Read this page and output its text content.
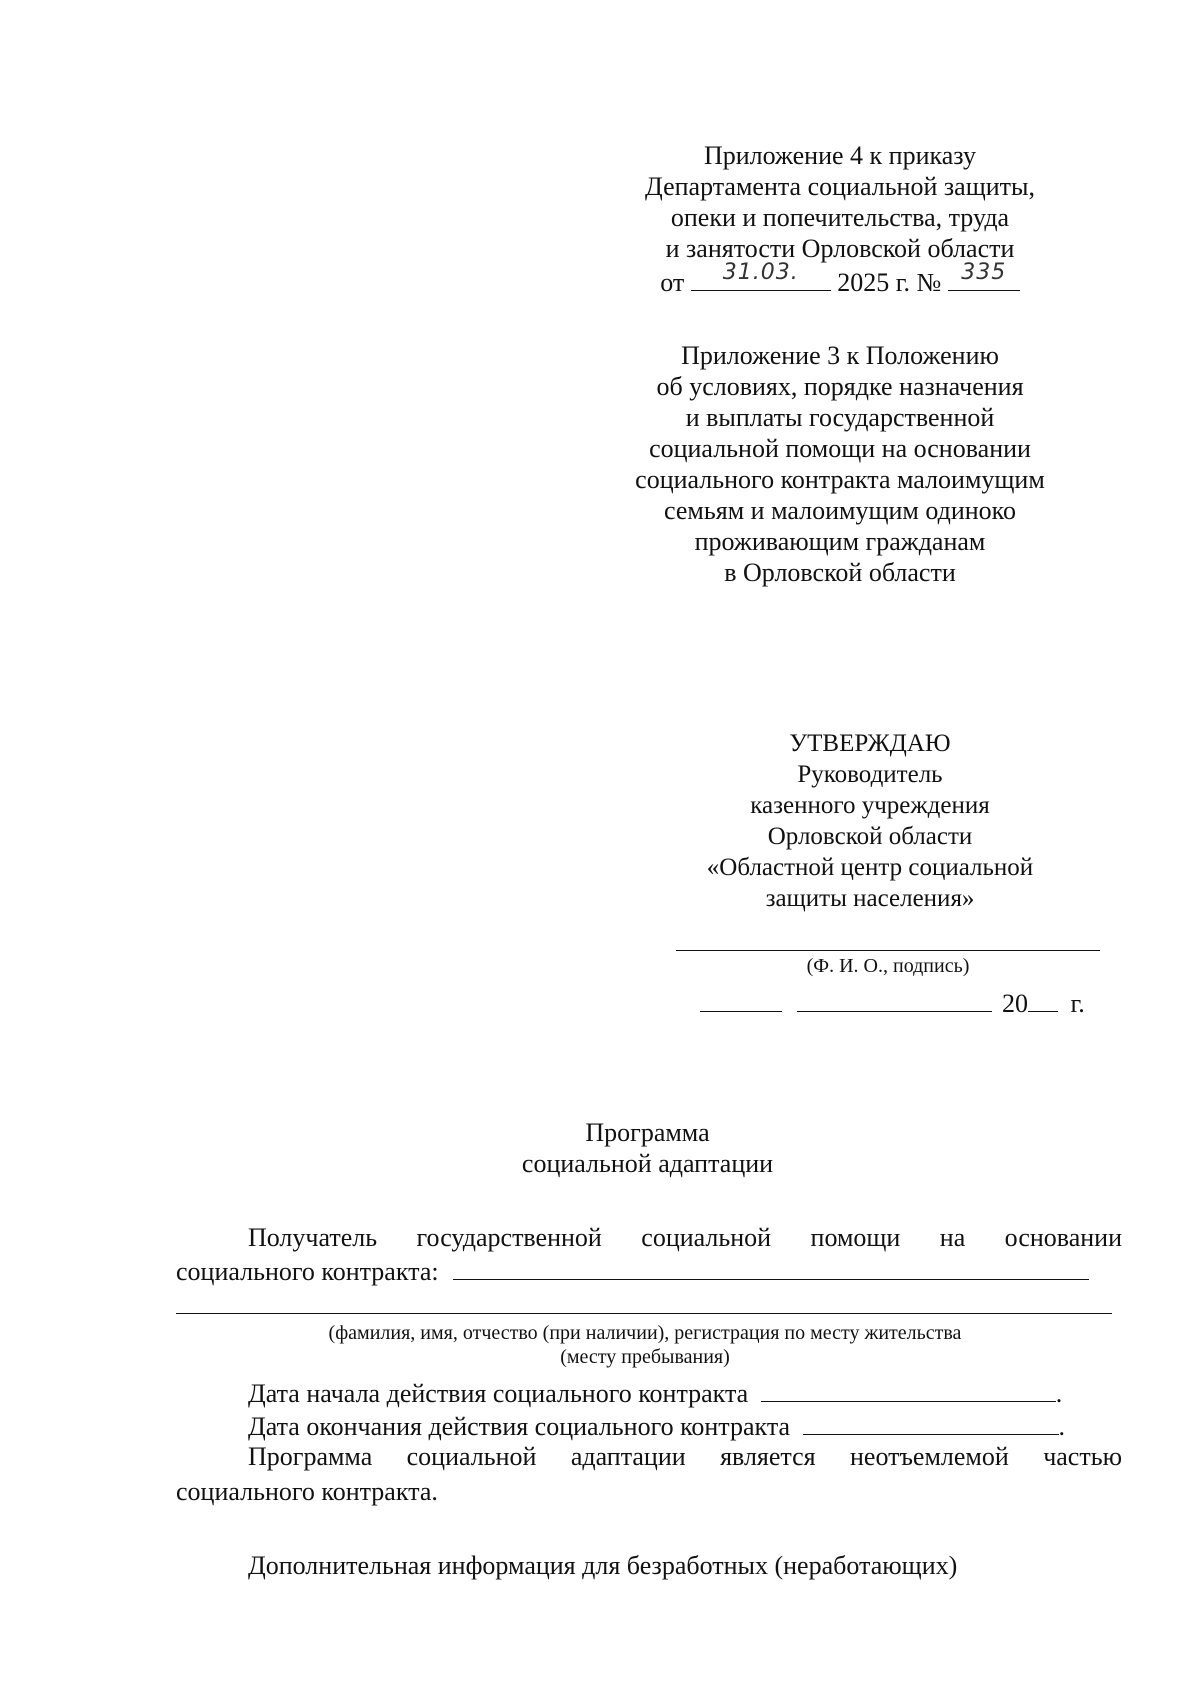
Приложение 4 к приказу
Департамента социальной защиты,
опеки и попечительства, труда
и занятости Орловской области
от	31.03.	2025 г. № 335
Приложение 3 к Положению
об условиях, порядке назначения
и выплаты государственной
социальной помощи на основании
социального контракта малоимущим
семьям и малоимущим одиноко
проживающим гражданам
в Орловской области
УТВЕРЖДАЮ
Руководитель
казенного учреждения
Орловской области
«Областной центр социальной
защиты населения»
(Ф. И. О., подпись)
20 г.
Программа
социальной адаптации
Получатель государственной социальной помощи на основании
социального контракта:
(фамилия, имя, отчество (при наличии), регистрация по месту жительства
(месту пребывания)
Дата начала действия социального контракта	.
Дата окончания действия социального контракта	.
Программа социальной адаптации является неотъемлемой частью
социального контракта.
Дополнительная информация для безработных (неработающих)
